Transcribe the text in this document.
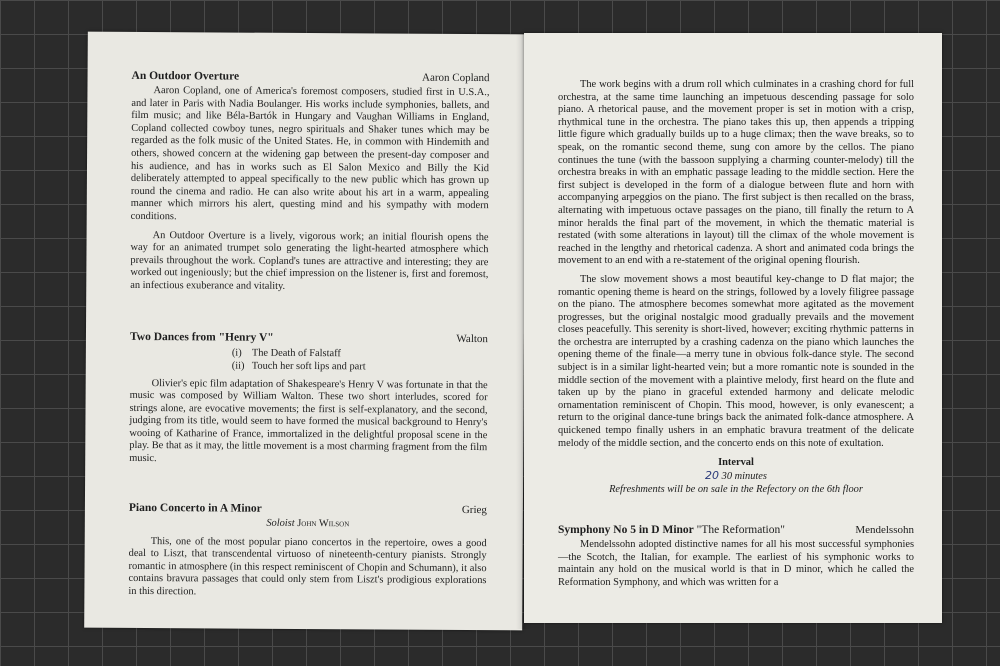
An Outdoor Overture	Aaron Copland

Aaron Copland, one of America's foremost composers, studied first in U.S.A., and later in Paris with Nadia Boulanger. His works include symphonies, ballets, and film music; and like Béla-Bartók in Hungary and Vaughan Williams in England, Copland collected cowboy tunes, negro spirituals and Shaker tunes which may be regarded as the folk music of the United States. He, in common with Hindemith and others, showed concern at the widening gap between the present-day composer and his audience, and has in works such as El Salon Mexico and Billy the Kid deliberately attempted to appeal specifically to the new public which has grown up round the cinema and radio. He can also write about his art in a warm, appealing manner which mirrors his alert, questing mind and his sympathy with modern conditions.

An Outdoor Overture is a lively, vigorous work; an initial flourish opens the way for an animated trumpet solo generating the light-hearted atmosphere which prevails throughout the work. Copland's tunes are attractive and interesting; they are worked out ingeniously; but the chief impression on the listener is, first and foremost, an infectious exuberance and vitality.

Two Dances from "Henry V"	Walton
(i) The Death of Falstaff
(ii) Touch her soft lips and part

Olivier's epic film adaptation of Shakespeare's Henry V was fortunate in that the music was composed by William Walton. These two short interludes, scored for strings alone, are evocative movements; the first is self-explanatory, and the second, judging from its title, would seem to have formed the musical background to Henry's wooing of Katharine of France, immortalized in the delightful proposal scene in the play. Be that as it may, the little movement is a most charming fragment from the film music.

Piano Concerto in A Minor	Grieg
Soloist John Wilson

This, one of the most popular piano concertos in the repertoire, owes a good deal to Liszt, that transcendental virtuoso of nineteenth-century pianists. Strongly romantic in atmosphere (in this respect reminiscent of Chopin and Schumann), it also contains bravura passages that could only stem from Liszt's prodigious explorations in this direction.

The work begins with a drum roll which culminates in a crashing chord for full orchestra, at the same time launching an impetuous descending passage for solo piano. A rhetorical pause, and the movement proper is set in motion with a crisp, rhythmical tune in the orchestra. The piano takes this up, then appends a tripping little figure which gradually builds up to a huge climax; then the wave breaks, so to speak, on the romantic second theme, sung con amore by the cellos. The piano continues the tune (with the bassoon supplying a charming counter-melody) till the orchestra breaks in with an emphatic passage leading to the middle section. Here the first subject is developed in the form of a dialogue between flute and horn with accompanying arpeggios on the piano. The first subject is then recalled on the brass, alternating with impetuous octave passages on the piano, till finally the return to A minor heralds the final part of the movement, in which the thematic material is restated (with some alterations in layout) till the climax of the whole movement is reached in the lengthy and rhetorical cadenza. A short and animated coda brings the movement to an end with a re-statement of the original opening flourish.

The slow movement shows a most beautiful key-change to D flat major; the romantic opening theme is heard on the strings, followed by a lovely filigree passage on the piano. The atmosphere becomes somewhat more agitated as the movement progresses, but the original nostalgic mood gradually prevails and the movement closes peacefully. This serenity is short-lived, however; exciting rhythmic patterns in the orchestra are interrupted by a crashing cadenza on the piano which launches the opening theme of the finale—a merry tune in obvious folk-dance style. The second subject is in a similar light-hearted vein; but a more romantic note is sounded in the middle section of the movement with a plaintive melody, first heard on the flute and taken up by the piano in graceful extended harmony and delicate melodic ornamentation reminiscent of Chopin. This mood, however, is only evanescent; a return to the original dance-tune brings back the animated folk-dance atmosphere. A quickened tempo finally ushers in an emphatic bravura treatment of the delicate melody of the middle section, and the concerto ends on this note of exultation.

Interval
20 30 minutes
Refreshments will be on sale in the Refectory on the 6th floor
Symphony No 5 in D Minor "The Reformation"	Mendelssohn

Mendelssohn adopted distinctive names for all his most successful symphonies—the Scotch, the Italian, for example. The earliest of his symphonic works to maintain any hold on the musical world is that in D minor, which he called the Reformation Symphony, and which was written for a
